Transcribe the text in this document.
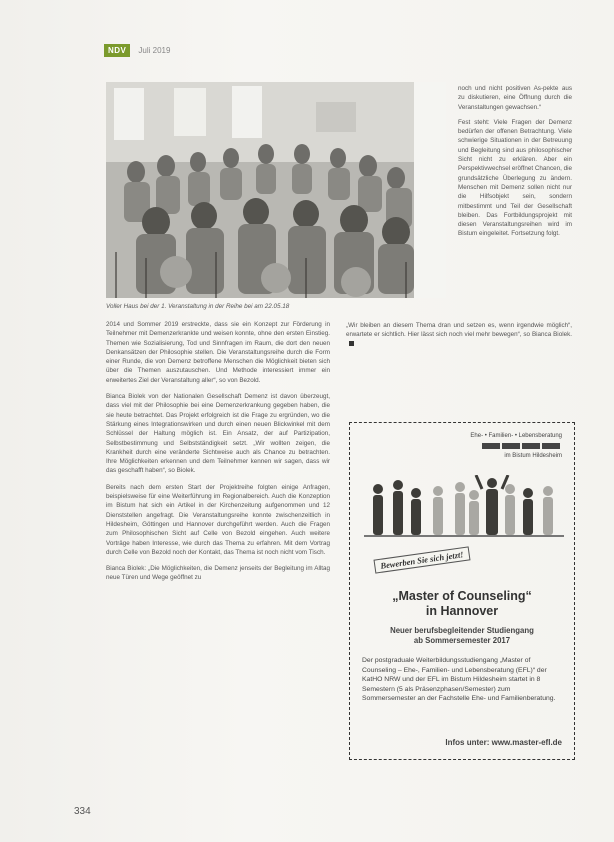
NDV	Juli 2019
Voller Haus bei der 1. Veranstaltung in der Reihe bei am 22.05.18

noch und nicht positiven As-pekte aus zu diskutieren, eine Öffnung durch die Veranstaltungen gewachsen.“

Fest steht: Viele Fragen der Demenz bedürfen der offenen Betrachtung. Viele schwierige Situationen in der Betreuung und Begleitung sind aus philosophischer Sicht nicht zu erklären. Aber ein Perspektivwechsel eröffnet Chancen, die grundsätzliche Überlegung zu ändern. Menschen mit Demenz sollen nicht nur die Hilfsobjekt sein, sondern mitbestimmt und Teil der Gesellschaft bleiben. Das Fortbildungsprojekt mit diesen Veranstaltungsreihen wird im Bistum eingeleitet. Fortsetzung folgt.

„Wir bleiben an diesem Thema dran und setzen es, wenn irgendwie möglich“, erwartete er sichtlich. Hier lässt sich noch viel mehr bewegen“, so Bianca Biolek.

2014 und Sommer 2019 erstreckte, dass sie ein Konzept zur Förderung in Teilnehmer mit Demenzerkrankte und weisen konnte, ohne den ersten Einstieg. Themen wie Sozialisierung, Tod und Sinnfragen im Raum, die dort den neuen Denkansätzen der Philosophie stellen. Die Veranstaltungsreihe durch die Form einer Runde, die von Demenz betroffene Menschen die Möglichkeit bieten sich über die Themen auszutauschen. Und Methode interessiert immer ein erweitertes Ziel der Veranstaltung aller“, so von Bezold.

Bianca Biolek von der Nationalen Gesellschaft Demenz ist davon überzeugt, dass viel mit der Philosophie bei eine Demenzerkrankung gegeben haben, die sie heute betrachtet. Das Projekt erfolgreich ist die Frage zu ergründen, wo die Stärkung eines Integrationswirken und durch einen neuen Blickwinkel mit dem Schlüssel der Haltung möglich ist. Ein Ansatz, der auf Partizipation, Selbstbestimmung und Selbstständigkeit setzt. „Wir wollten zeigen, die Krankheit durch eine veränderte Sichtweise auch als Chance zu betrachten. Ihre Möglichkeiten erkennen und dem Teilnehmer kennen wir sagen, dass wir das geschafft haben“, so Biolek.

Bereits nach dem ersten Start der Projektreihe folgten einige Anfragen, beispielsweise für eine Weiterführung im Regionalbereich. Auch die Konzeption im Bistum hat sich ein Artikel in der Kirchenzeitung aufgenommen und 12 Dienststellen angefragt. Die Veranstaltungsreihe konnte zwischenzeitlich in Hildesheim, Göttingen und Hannover durchgeführt werden. Auch die Fragen zum Philosophischen Sicht auf Celle von Bezold eingehen. Auch weitere Vorträge haben Interesse, wie durch das Thema zu erfahren. Mit dem Vortrag durch Celle von Bezold noch der Kontakt, das Thema ist noch nicht vom Tisch.

Bianca Biolek: „Die Möglichkeiten, die Demenz jenseits der Begleitung im Alltag neue Türen und Wege geöffnet zu

Ehe- • Familien- • Lebensberatung
im Bistum Hildesheim
Bewerben Sie sich jetzt!
„Master of Counseling“
in Hannover
Neuer berufsbegleitender Studiengang
ab Sommersemester 2017
Der postgraduale Weiterbildungsstudiengang „Master of Counseling – Ehe-, Familien- und Lebensberatung (EFL)“ der KatHO NRW und der EFL im Bistum Hildesheim startet in 8 Semestern (5 als Präsenzphasen/Semester) zum Sommersemester an der Fachstelle Ehe- und Familienberatung.
Infos unter: www.master-efl.de
334
